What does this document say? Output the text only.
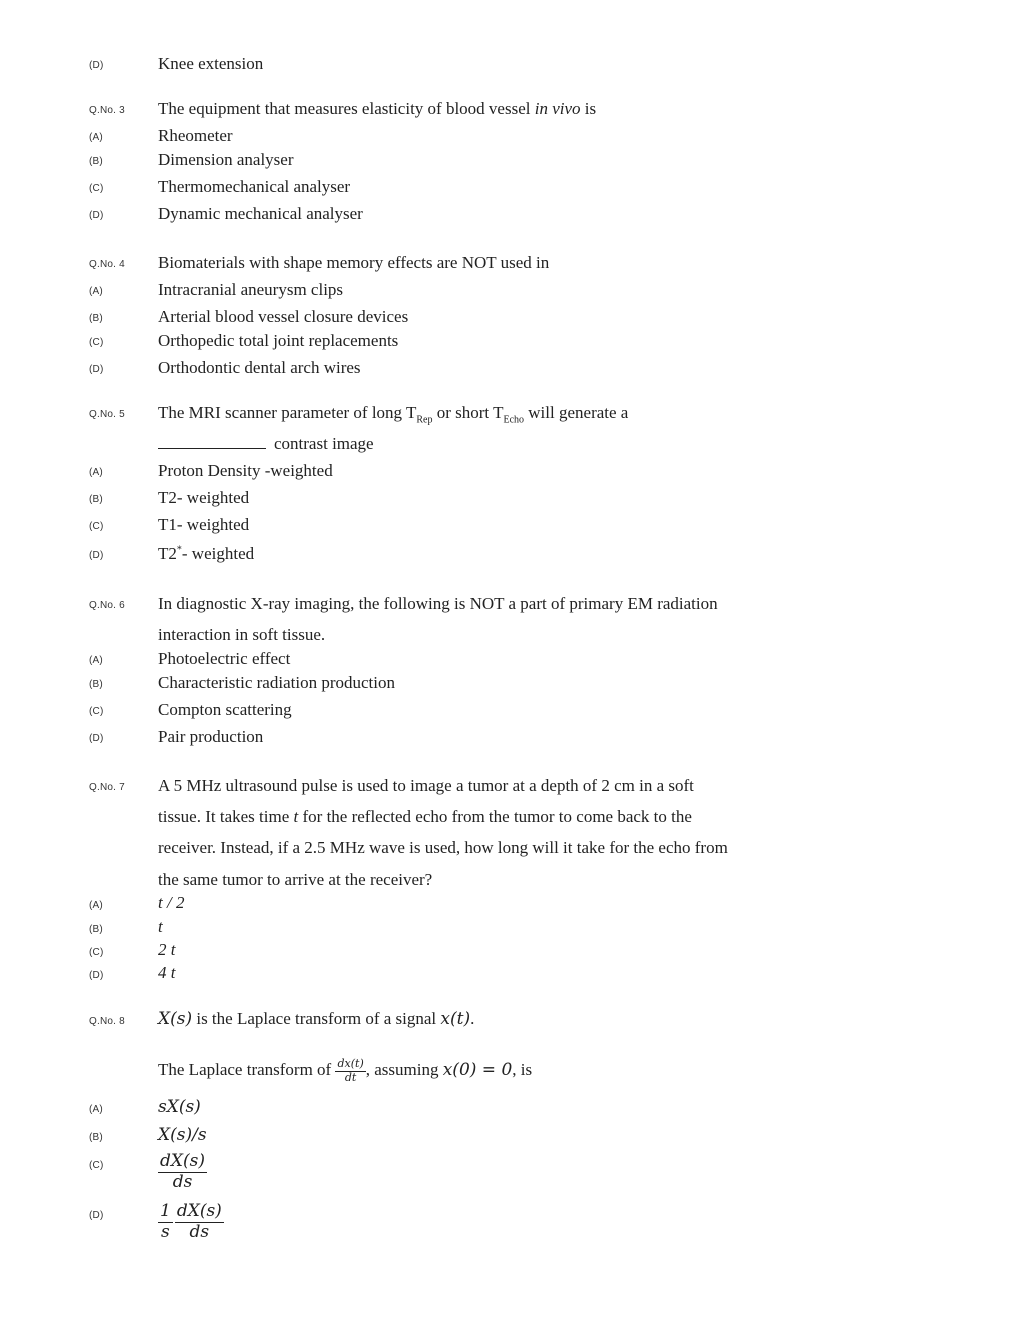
(D)	Knee extension
Q.No. 3 The equipment that measures elasticity of blood vessel in vivo is
(A)	Rheometer
(B)	Dimension analyser
(C)	Thermomechanical analyser
(D)	Dynamic mechanical analyser
Q.No. 4 Biomaterials with shape memory effects are NOT used in
(A)	Intracranial aneurysm clips
(B)	Arterial blood vessel closure devices
(C)	Orthopedic total joint replacements
(D)	Orthodontic dental arch wires
Q.No. 5 The MRI scanner parameter of long $T_{Rep}$ or short $T_{Echo}$ will generate a
contrast image
(A)	Proton Density -weighted
(B)	T2- weighted
(C)	T1- weighted
(D)	T2*- weighted
Q.No. 6 In diagnostic X-ray imaging, the following is NOT a part of primary EM radiation
interaction in soft tissue.
(A)	Photoelectric effect
(B)	Characteristic radiation production
(C)	Compton scattering
(D)	Pair production
Q.No. 7 A 5 MHz ultrasound pulse is used to image a tumor at a depth of 2 cm in a soft
tissue. It takes time t for the reflected echo from the tumor to come back to the
receiver. Instead, if a 2.5 MHz wave is used, how long will it take for the echo from
the same tumor to arrive at the receiver?
(A)	t / 2
(B)	t
(C)	2 t
(D)	4 t
Q.No. 8 X(s) is the Laplace transform of a signal x(t).
The Laplace transform of $\frac{dx(t)}{dt}$ , assuming x(0) = 0, is
(A)	sX(s)
(B)	X(s)/s
(C)	$\frac{dX(s)}{ds}$
(D)	$\frac{1}{s} \frac{dX(s)}{ds}$
